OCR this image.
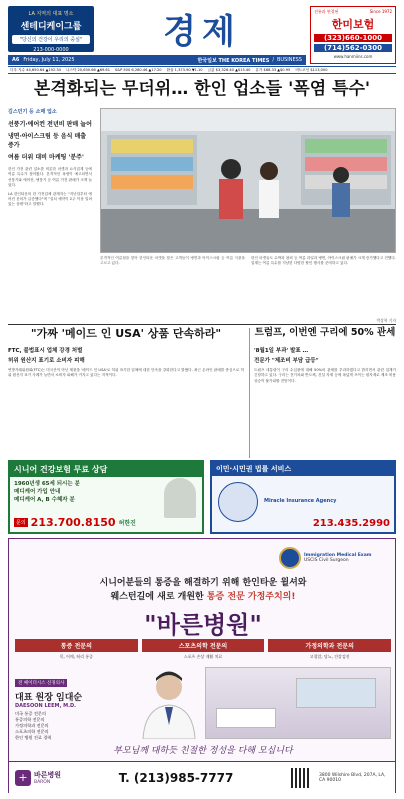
LA 지역의 대표 명소
센테디케이그룹
"당신의 건강이 우리의 중심"
213-000-0000	경제
선릉과 연결된	Since 1972
한미보험
(323)660-1000
(714)562-0300
www.hanmiins.com
A6 Friday, July 11, 2025	한국일보 THE KOREA TIMES / BUSINESS
다우 지수 44,650.64 ▲192.34 나스닥 20,630.66 ▲69.61 S&P 500 6,280.46 ▲17.20 환율 1,373.90 ▼1.10 금값 $3,326.40 ▲$15.40 유가 $68.33 ▲$0.95 비트코인 $113,000
본격화되는 무더위… 한인 업소들 '폭염 특수'
김스민기 등 소매 업소
선풍기·에어컨 전년비 판매 늘어
냉면·아이스크림 등 음식 매출 증가
여름 더위 대비 마케팅 '분주'
한인 가전 관련 업소를 비롯한 마켓과 요식업계 등에 여름 특수가 찾아왔다. 본격적인 폭염이 예고되면서 선풍기와 에어컨, 냉풍기 등 여름 가전 판매가 크게 늘었다.
LA 한인타운의 한 가전업체 관계자는 "지난달부터 에어컨 문의가 급증했다"며 "설치 예약이 2주 이상 밀려 있는 상태"라고 말했다.
본격적인 여름철을 맞아 한인타운 마켓을 찾은 고객들이 냉면과 아이스크림 등 여름 식품을 고르고 있다.
한인 마켓들도 수박과 참외 등 여름 과일과 냉면, 아이스크림 판매가 크게 증가했다고 전했다. 업계는 여름 특수를 겨냥한 다양한 할인 행사를 준비하고 있다.
박상혁 기자
"가짜 '메이드 인 USA' 상품 단속하라"
FTC, 불법표시 업체 강경 처벌
허위 원산지 표기로 소비자 피해
연방거래위원회(FTC)는 미국산이 아닌 제품을 '메이드 인 USA'로 허위 표기한 업체에 대한 단속을 강화한다고 밝혔다. 최근 온라인 판매를 중심으로 허위 원산지 표기 사례가 늘면서 소비자 피해가 커지고 있다는 지적이다.
트럼프, 이번엔 구리에 50% 관세
'8월1일 부과' 발표 …
전문가 "제조비 부담 급등"
트럼프 대통령이 구리 수입품에 대해 50%의 관세를 부과하겠다고 밝히면서 관련 업계가 긴장하고 있다. 구리는 전기차와 반도체, 건설 자재 등에 폭넓게 쓰이는 원자재로 제조 비용 상승이 불가피할 전망이다.
시니어 건강보험 무료 상담
1960년생 65세 되시는 분
메디케어 가입 안내
메디케어 A, B 수혜자 분
문의 213.700.8150 허한진
이민·시민권 법률 서비스
Miracle Insurance Agency
213.435.2990
Immigration Medical Exam
USCIS Civil Surgeon
시니어분들의 통증을 해결하기 위해 한인타운 윌셔와
웨스턴길에 새로 개원한 통증 전문 가정주치의!
"바른병원"
통증 전문의
목, 어깨, 허리 통증
스포츠의학 전문의
스포츠 손상 재활 치료
가정의학과 전문의
고혈압, 당뇨, 건강검진
전 쎄이더시스 신경의사
대표 원장 임대순
DAESOON LEEM, M.D.
미국 통증 전문의
통증의학 전문의
가정의학과 전문의
스포츠의학 전문의
한인 병원 진료 경력
부모님께 대하듯 친절한 정성을 다해 모십니다
+ 바른병원
BARON	T. (213)985-7777	3800 Wilshire Blvd, 207A, LA, CA 90010
